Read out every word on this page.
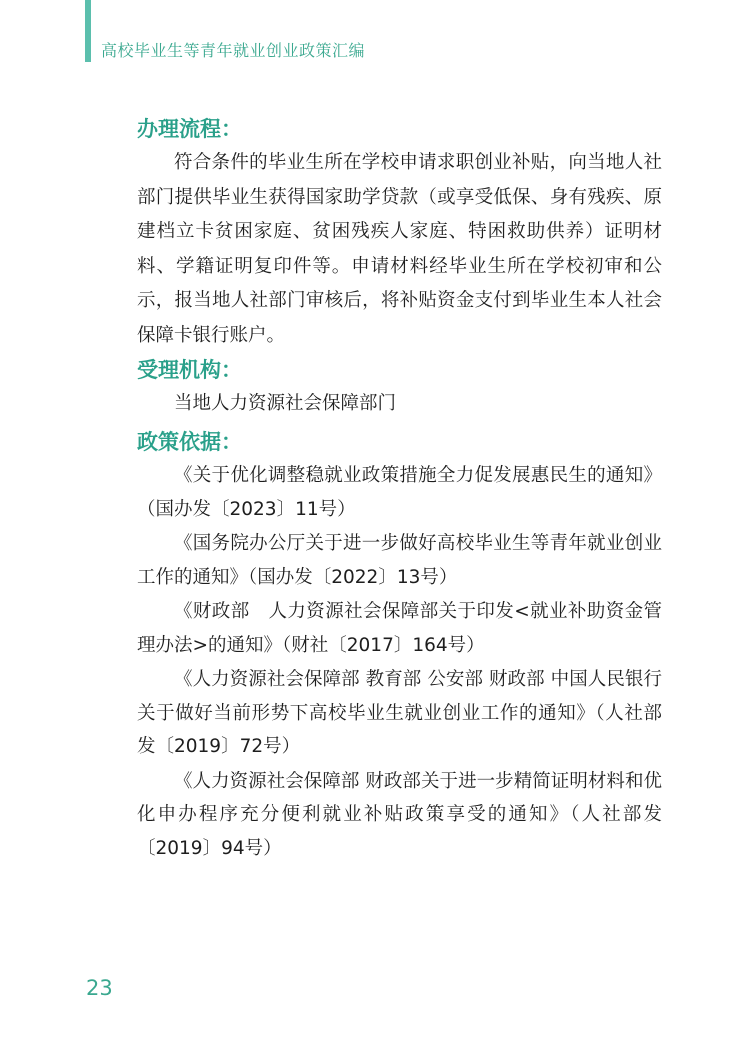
高校毕业生等青年就业创业政策汇编
办理流程：

符合条件的毕业生所在学校申请求职创业补贴，向当地人社部门提供毕业生获得国家助学贷款（或享受低保、身有残疾、原建档立卡贫困家庭、贫困残疾人家庭、特困救助供养）证明材料、学籍证明复印件等。申请材料经毕业生所在学校初审和公示，报当地人社部门审核后，将补贴资金支付到毕业生本人社会保障卡银行账户。

受理机构：

当地人力资源社会保障部门

政策依据：
《关于优化调整稳就业政策措施全力促发展惠民生的通知》（国办发〔2023〕11号）
《国务院办公厅关于进一步做好高校毕业生等青年就业创业工作的通知》（国办发〔2022〕13号）
《财政部　人力资源社会保障部关于印发<就业补助资金管理办法>的通知》（财社〔2017〕164号）
《人力资源社会保障部 教育部 公安部 财政部 中国人民银行关于做好当前形势下高校毕业生就业创业工作的通知》（人社部发〔2019〕72号）
《人力资源社会保障部 财政部关于进一步精简证明材料和优化申办程序充分便利就业补贴政策享受的通知》（人社部发〔2019〕94号）
23
